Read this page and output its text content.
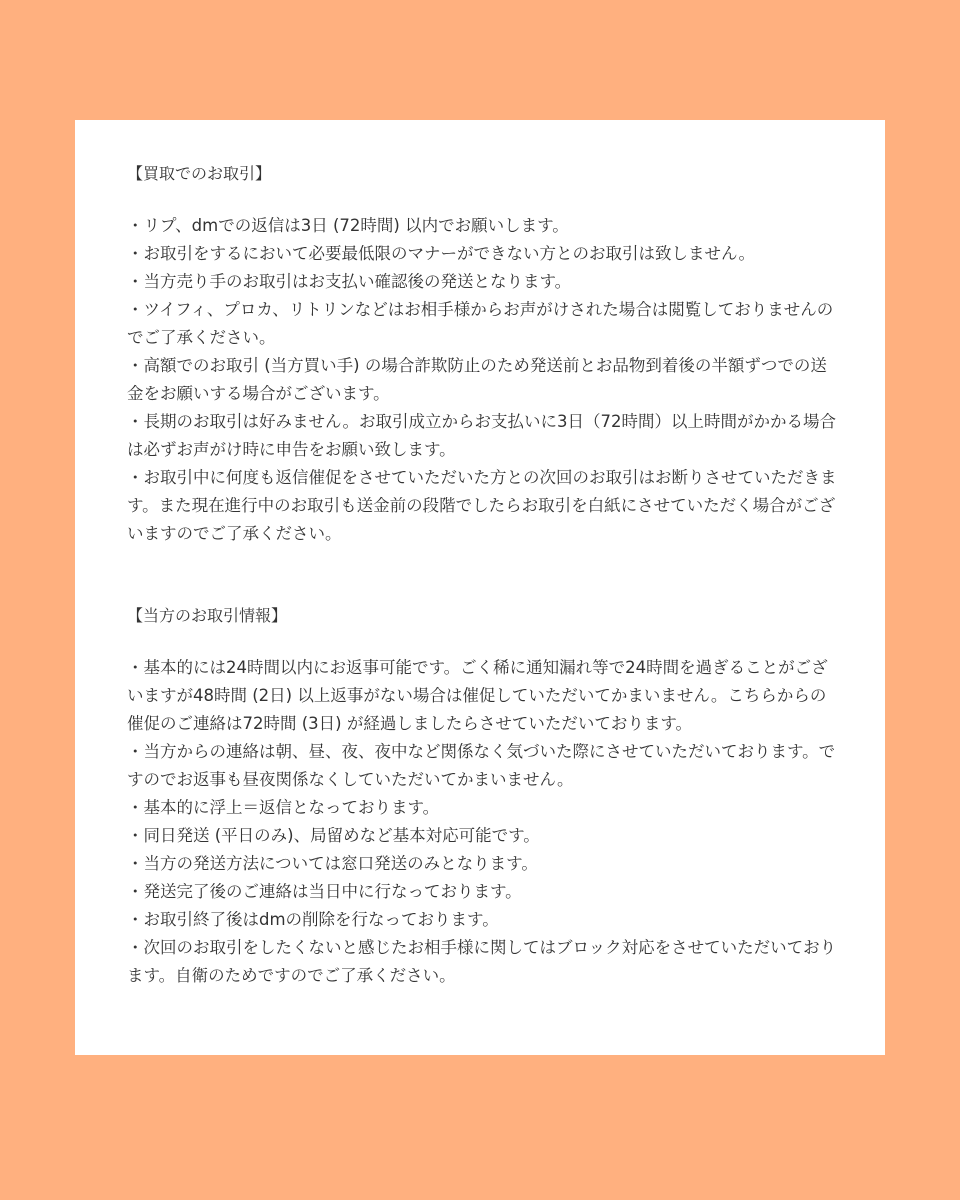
【買取でのお取引】
・リプ、dmでの返信は3日 (72時間) 以内でお願いします。
・お取引をするにおいて必要最低限のマナーができない方とのお取引は致しません。
・当方売り手のお取引はお支払い確認後の発送となります。
・ツイフィ、プロカ、リトリンなどはお相手様からお声がけされた場合は閲覧しておりませんのでご了承ください。
・高額でのお取引 (当方買い手) の場合詐欺防止のため発送前とお品物到着後の半額ずつでの送金をお願いする場合がございます。
・長期のお取引は好みません。お取引成立からお支払いに3日（72時間）以上時間がかかる場合は必ずお声がけ時に申告をお願い致します。
・お取引中に何度も返信催促をさせていただいた方との次回のお取引はお断りさせていただきます。また現在進行中のお取引も送金前の段階でしたらお取引を白紙にさせていただく場合がございますのでご了承ください。
【当方のお取引情報】
・基本的には24時間以内にお返事可能です。ごく稀に通知漏れ等で24時間を過ぎることがございますが48時間 (2日) 以上返事がない場合は催促していただいてかまいません。こちらからの催促のご連絡は72時間 (3日) が経過しましたらさせていただいております。
・当方からの連絡は朝、昼、夜、夜中など関係なく気づいた際にさせていただいております。ですのでお返事も昼夜関係なくしていただいてかまいません。
・基本的に浮上＝返信となっております。
・同日発送 (平日のみ)、局留めなど基本対応可能です。
・当方の発送方法については窓口発送のみとなります。
・発送完了後のご連絡は当日中に行なっております。
・お取引終了後はdmの削除を行なっております。
・次回のお取引をしたくないと感じたお相手様に関してはブロック対応をさせていただいております。自衛のためですのでご了承ください。
